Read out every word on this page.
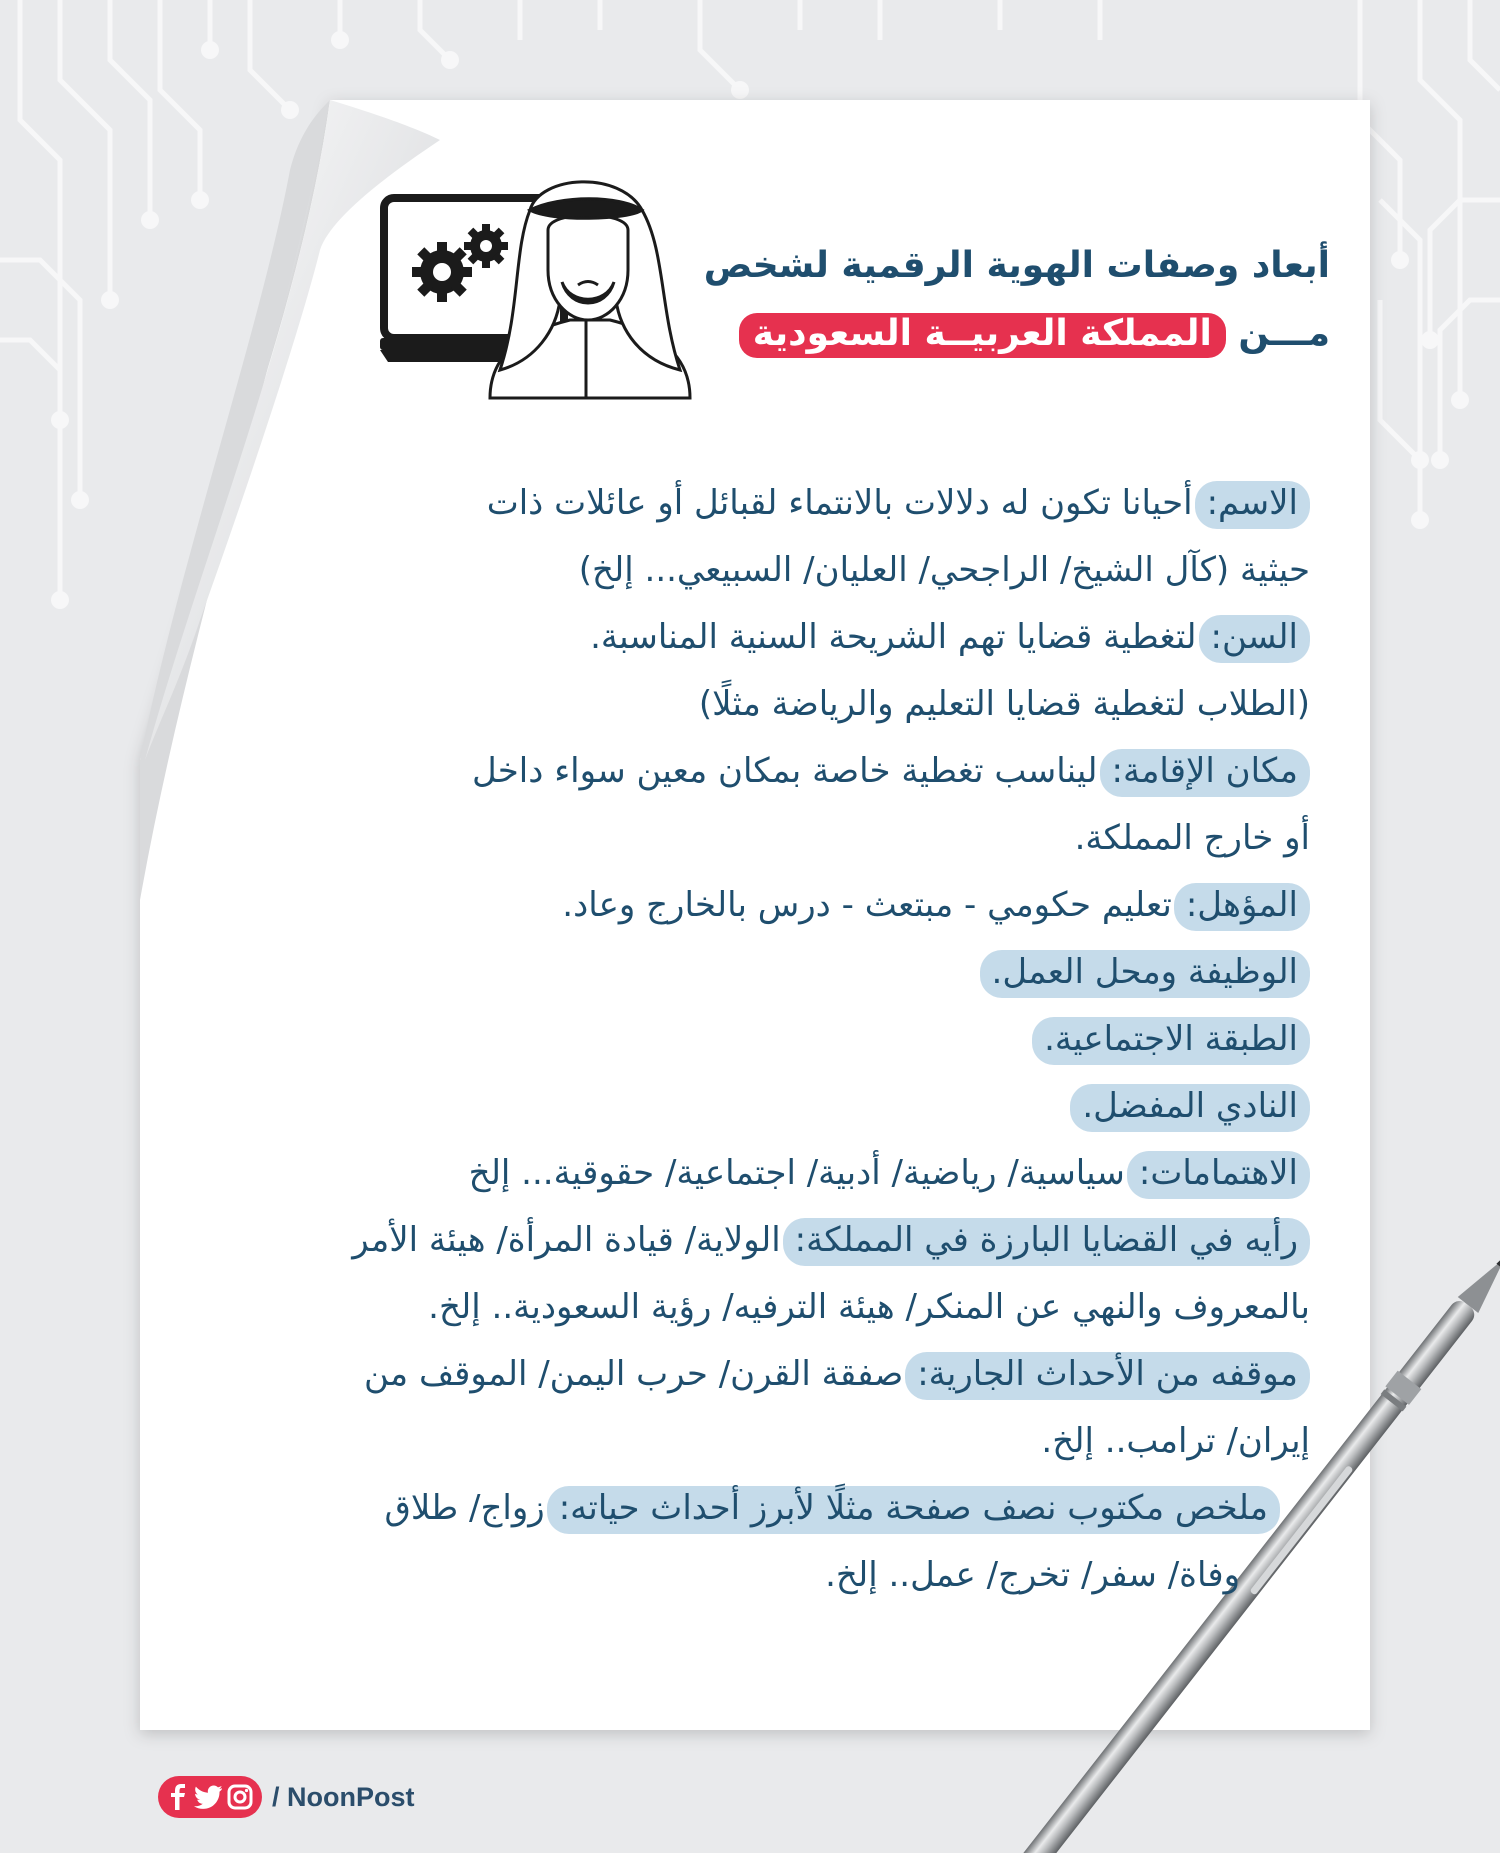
أبعاد وصفات الهوية الرقمية لشخص
مـــن المملكة العربيــة السعودية
الاسم:أحيانا تكون له دلالات بالانتماء لقبائل أو عائلات ذات
حيثية (كآل الشيخ/ الراجحي/ العليان/ السبيعي... إلخ)
السن:لتغطية قضايا تهم الشريحة السنية المناسبة.
(الطلاب لتغطية قضايا التعليم والرياضة مثلًا)
مكان الإقامة:ليناسب تغطية خاصة بمكان معين سواء داخل
أو خارج المملكة.
المؤهل:تعليم حكومي - مبتعث - درس بالخارج وعاد.
الوظيفة ومحل العمل.
الطبقة الاجتماعية.
النادي المفضل.
الاهتمامات:سياسية/ رياضية/ أدبية/ اجتماعية/ حقوقية... إلخ
رأيه في القضايا البارزة في المملكة:الولاية/ قيادة المرأة/ هيئة الأمر
بالمعروف والنهي عن المنكر/ هيئة الترفيه/ رؤية السعودية.. إلخ.
موقفه من الأحداث الجارية:صفقة القرن/ حرب اليمن/ الموقف من
إيران/ ترامب.. إلخ.
ملخص مكتوب نصف صفحة مثلًا لأبرز أحداث حياته:زواج/ طلاق
وفاة/ سفر/ تخرج/ عمل.. إلخ.
/ NoonPost
